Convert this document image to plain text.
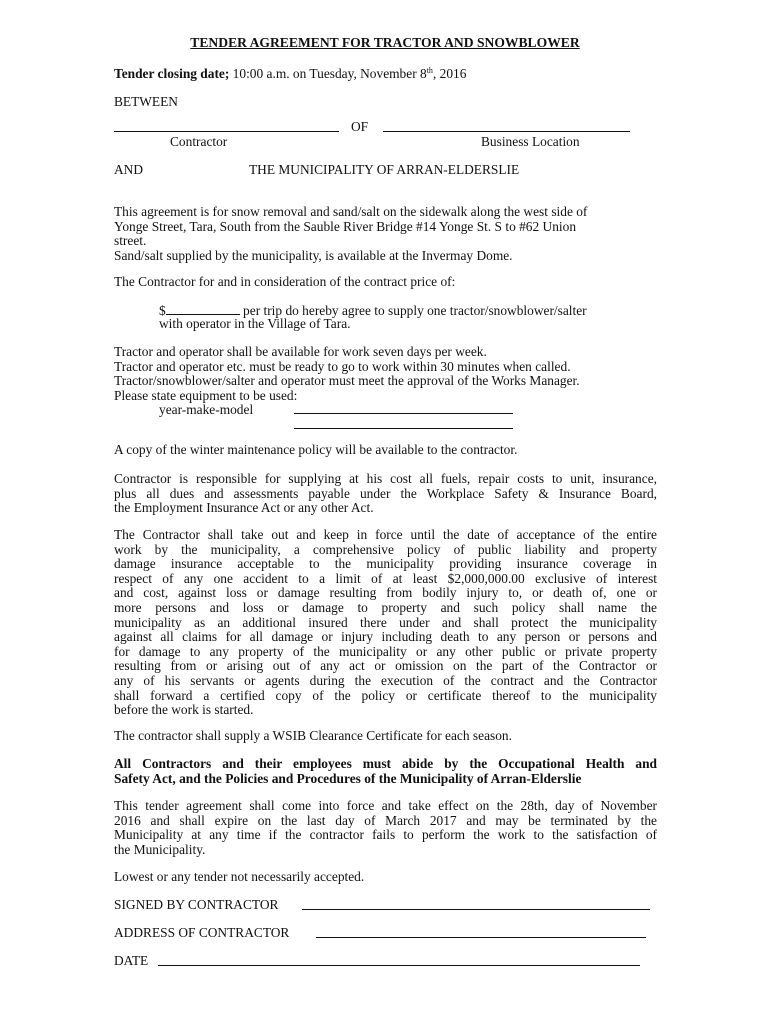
TENDER AGREEMENT FOR TRACTOR AND SNOWBLOWER
Tender closing date; 10:00 a.m. on Tuesday, November 8th, 2016
BETWEEN
OF
Contractor	Business Location
AND	THE MUNICIPALITY OF ARRAN-ELDERSLIE
This agreement is for snow removal and sand/salt on the sidewalk along the west side of
Yonge Street, Tara, South from the Sauble River Bridge #14 Yonge St. S to #62 Union
street.
Sand/salt supplied by the municipality, is available at the Invermay Dome.
The Contractor for and in consideration of the contract price of:
$	per trip do hereby agree to supply one tractor/snowblower/salter
with operator in the Village of Tara.
Tractor and operator shall be available for work seven days per week.
Tractor and operator etc. must be ready to go to work within 30 minutes when called.
Tractor/snowblower/salter and operator must meet the approval of the Works Manager.
Please state equipment to be used:
year-make-model
A copy of the winter maintenance policy will be available to the contractor.
Contractor is responsible for supplying at his cost all fuels, repair costs to unit, insurance,
plus all dues and assessments payable under the Workplace Safety & Insurance Board,
the Employment Insurance Act or any other Act.
The Contractor shall take out and keep in force until the date of acceptance of the entire
work by the municipality, a comprehensive policy of public liability and property
damage insurance acceptable to the municipality providing insurance coverage in
respect of any one accident to a limit of at least $2,000,000.00 exclusive of interest
and cost, against loss or damage resulting from bodily injury to, or death of, one or
more persons and loss or damage to property and such policy shall name the
municipality as an additional insured there under and shall protect the municipality
against all claims for all damage or injury including death to any person or persons and
for damage to any property of the municipality or any other public or private property
resulting from or arising out of any act or omission on the part of the Contractor or
any of his servants or agents during the execution of the contract and the Contractor
shall forward a certified copy of the policy or certificate thereof to the municipality
before the work is started.
The contractor shall supply a WSIB Clearance Certificate for each season.
All Contractors and their employees must abide by the Occupational Health and
Safety Act, and the Policies and Procedures of the Municipality of Arran-Elderslie
This tender agreement shall come into force and take effect on the 28th, day of November
2016 and shall expire on the last day of March 2017 and may be terminated by the
Municipality at any time if the contractor fails to perform the work to the satisfaction of
the Municipality.
Lowest or any tender not necessarily accepted.
SIGNED BY CONTRACTOR
ADDRESS OF CONTRACTOR
DATE
